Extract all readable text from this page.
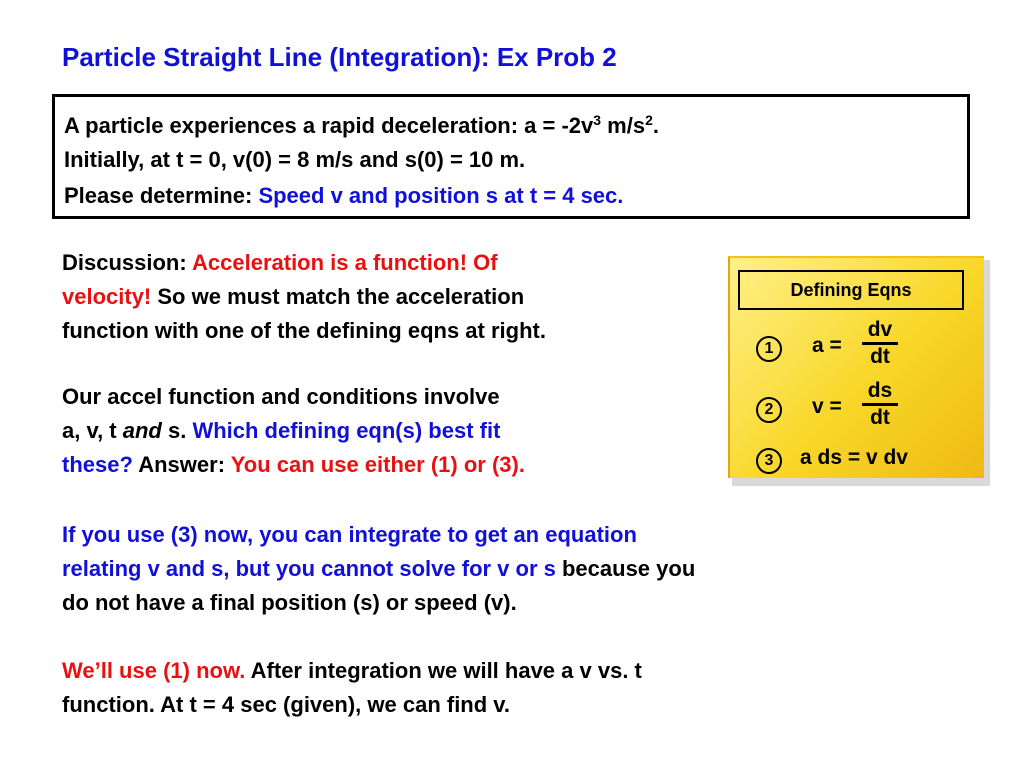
Particle Straight Line (Integration): Ex Prob 2
A particle experiences a rapid deceleration: $a = -2v^3$ $m/s^2$.
Initially, at t = 0, v(0) = 8 m/s and s(0) = 10 m.
Please determine: Speed v and position s at t = 4 sec.
Discussion: Acceleration is a function! Of
velocity! So we must match the acceleration
function with one of the defining eqns at right.
Our accel function and conditions involve
a, v, t and s. Which defining eqn(s) best fit
these? Answer: You can use either (1) or (3).
If you use (3) now, you can integrate to get an equation
relating v and s, but you cannot solve for v or s because you
do not have a final position (s) or speed (v).
We’ll use (1) now. After integration we will have a v vs. t
function. At t = 4 sec (given), we can find v.
Defining Eqns
1	a =
dv
dt
2	v =
ds
dt
3	a ds = v dv
